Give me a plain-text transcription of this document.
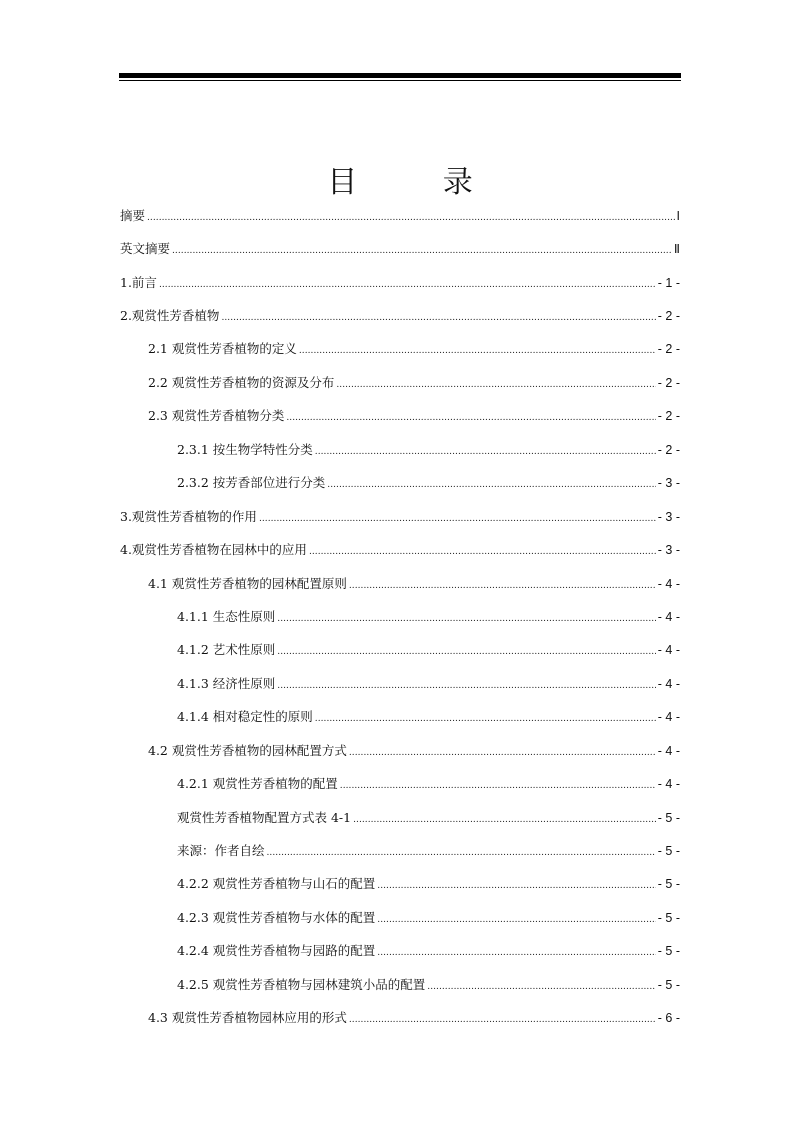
目 录
摘要 . . .	I
英文摘要 . . .	Ⅱ
1.前言 . . .	- 1 -
2.观赏性芳香植物 . . .	- 2 -
2.1 观赏性芳香植物的定义 . . .	- 2 -
2.2 观赏性芳香植物的资源及分布 . . .	- 2 -
2.3 观赏性芳香植物分类 . . .	- 2 -
2.3.1 按生物学特性分类 . . .	- 2 -
2.3.2 按芳香部位进行分类 . . .	- 3 -
3.观赏性芳香植物的作用 . . .	- 3 -
4.观赏性芳香植物在园林中的应用 . . .	- 3 -
4.1 观赏性芳香植物的园林配置原则 . . .	- 4 -
4.1.1 生态性原则 . . .	- 4 -
4.1.2 艺术性原则 . . .	- 4 -
4.1.3 经济性原则 . . .	- 4 -
4.1.4 相对稳定性的原则 . . .	- 4 -
4.2 观赏性芳香植物的园林配置方式 . . .	- 4 -
4.2.1 观赏性芳香植物的配置 . . .	- 4 -
观赏性芳香植物配置方式表 4-1 . . .	- 5 -
来源：作者自绘 . . .	- 5 -
4.2.2 观赏性芳香植物与山石的配置 . . .	- 5 -
4.2.3 观赏性芳香植物与水体的配置 . . .	- 5 -
4.2.4 观赏性芳香植物与园路的配置 . . .	- 5 -
4.2.5 观赏性芳香植物与园林建筑小品的配置 . . .	- 5 -
4.3 观赏性芳香植物园林应用的形式 . . .	- 6 -
